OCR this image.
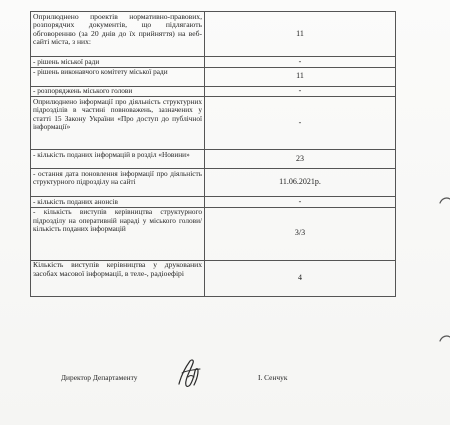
Оприлюднено проектів нормативно-правових, розпорядчих документів, що підлягають обговоренню (за 20 днів до їх прийняття) на веб-сайті міста, з них:	11
- рішень міської ради	-
- рішень виконавчого комітету міської ради	11
- розпоряджень міського голови	-
Оприлюднено інформації про діяльність структурних підрозділів в частині повноважень, зазначених у статті 15 Закону України «Про доступ до публічної інформації»	-
- кількість поданих інформацій в розділ «Новини»	23
- остання дата поновлення інформації про діяльність структурного підрозділу на сайті	11.06.2021р.
- кількість поданих анонсів	-
- кількість виступів керівництва структурного підрозділу на оперативній нараді у міського голови/кількість поданих інформацій	3/3
Кількість виступів керівництва у друкованих засобах масової інформації, в теле-, радіоефірі	4
Директор Департаменту	І. Сенчук
